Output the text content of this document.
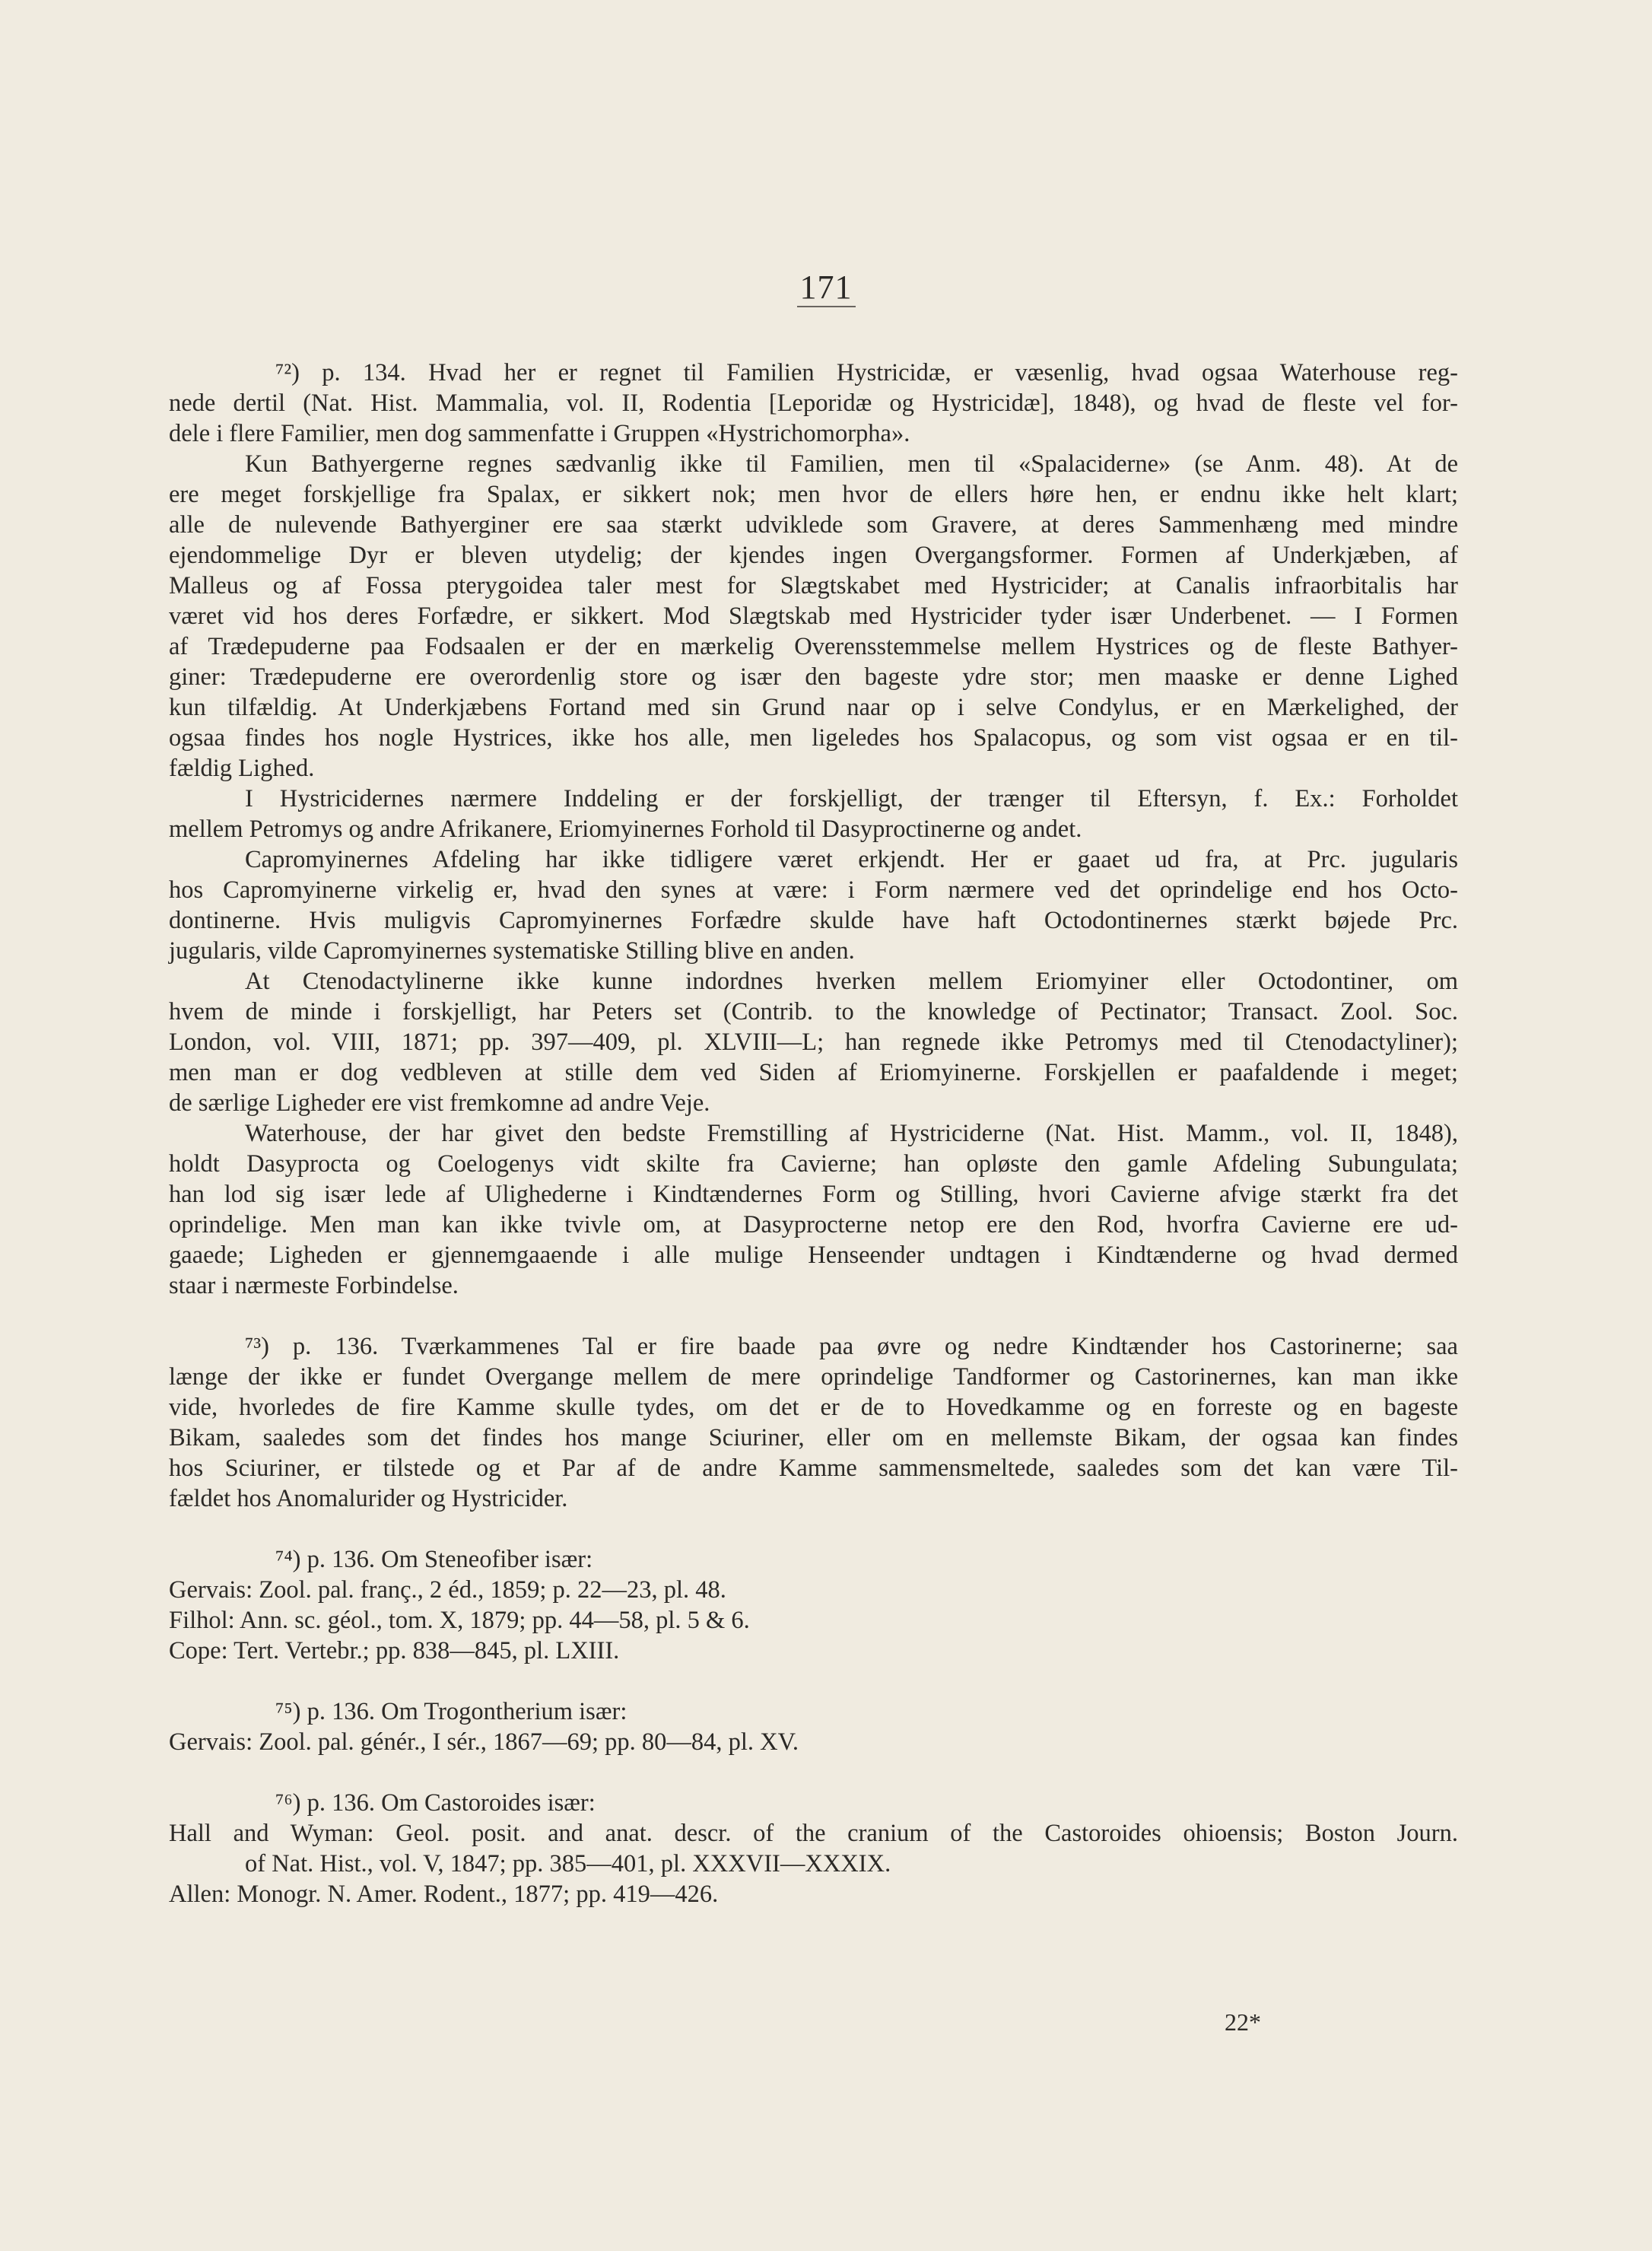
171
⁷²) p. 134. Hvad her er regnet til Familien Hystricidæ, er væsenlig, hvad ogsaa Waterhouse reg-
nede dertil (Nat. Hist. Mammalia, vol. II, Rodentia [Leporidæ og Hystricidæ], 1848), og hvad de fleste vel for-
dele i flere Familier, men dog sammenfatte i Gruppen «Hystrichomorpha».
Kun Bathyergerne regnes sædvanlig ikke til Familien, men til «Spalaciderne» (se Anm. 48). At de
ere meget forskjellige fra Spalax, er sikkert nok; men hvor de ellers høre hen, er endnu ikke helt klart;
alle de nulevende Bathyerginer ere saa stærkt udviklede som Gravere, at deres Sammenhæng med mindre
ejendommelige Dyr er bleven utydelig; der kjendes ingen Overgangsformer. Formen af Underkjæben, af
Malleus og af Fossa pterygoidea taler mest for Slægtskabet med Hystricider; at Canalis infraorbitalis har
været vid hos deres Forfædre, er sikkert. Mod Slægtskab med Hystricider tyder især Underbenet. — I Formen
af Trædepuderne paa Fodsaalen er der en mærkelig Overensstemmelse mellem Hystrices og de fleste Bathyer-
giner: Trædepuderne ere overordenlig store og især den bageste ydre stor; men maaske er denne Lighed
kun tilfældig. At Underkjæbens Fortand med sin Grund naar op i selve Condylus, er en Mærkelighed, der
ogsaa findes hos nogle Hystrices, ikke hos alle, men ligeledes hos Spalacopus, og som vist ogsaa er en til-
fældig Lighed.
I Hystricidernes nærmere Inddeling er der forskjelligt, der trænger til Eftersyn, f. Ex.: Forholdet
mellem Petromys og andre Afrikanere, Eriomyinernes Forhold til Dasyproctinerne og andet.
Capromyinernes Afdeling har ikke tidligere været erkjendt. Her er gaaet ud fra, at Prc. jugularis
hos Capromyinerne virkelig er, hvad den synes at være: i Form nærmere ved det oprindelige end hos Octo-
dontinerne. Hvis muligvis Capromyinernes Forfædre skulde have haft Octodontinernes stærkt bøjede Prc.
jugularis, vilde Capromyinernes systematiske Stilling blive en anden.
At Ctenodactylinerne ikke kunne indordnes hverken mellem Eriomyiner eller Octodontiner, om
hvem de minde i forskjelligt, har Peters set (Contrib. to the knowledge of Pectinator; Transact. Zool. Soc.
London, vol. VIII, 1871; pp. 397—409, pl. XLVIII—L; han regnede ikke Petromys med til Ctenodactyliner);
men man er dog vedbleven at stille dem ved Siden af Eriomyinerne. Forskjellen er paafaldende i meget;
de særlige Ligheder ere vist fremkomne ad andre Veje.
Waterhouse, der har givet den bedste Fremstilling af Hystriciderne (Nat. Hist. Mamm., vol. II, 1848),
holdt Dasyprocta og Coelogenys vidt skilte fra Cavierne; han opløste den gamle Afdeling Subungulata;
han lod sig især lede af Ulighederne i Kindtændernes Form og Stilling, hvori Cavierne afvige stærkt fra det
oprindelige. Men man kan ikke tvivle om, at Dasyprocterne netop ere den Rod, hvorfra Cavierne ere ud-
gaaede; Ligheden er gjennemgaaende i alle mulige Henseender undtagen i Kindtænderne og hvad dermed
staar i nærmeste Forbindelse.
⁷³) p. 136. Tværkammenes Tal er fire baade paa øvre og nedre Kindtænder hos Castorinerne; saa
længe der ikke er fundet Overgange mellem de mere oprindelige Tandformer og Castorinernes, kan man ikke
vide, hvorledes de fire Kamme skulle tydes, om det er de to Hovedkamme og en forreste og en bageste
Bikam, saaledes som det findes hos mange Sciuriner, eller om en mellemste Bikam, der ogsaa kan findes
hos Sciuriner, er tilstede og et Par af de andre Kamme sammensmeltede, saaledes som det kan være Til-
fældet hos Anomalurider og Hystricider.
⁷⁴) p. 136. Om Steneofiber især:
Gervais: Zool. pal. franç., 2 éd., 1859; p. 22—23, pl. 48.
Filhol: Ann. sc. géol., tom. X, 1879; pp. 44—58, pl. 5 & 6.
Cope: Tert. Vertebr.; pp. 838—845, pl. LXIII.
⁷⁵) p. 136. Om Trogontherium især:
Gervais: Zool. pal. génér., I sér., 1867—69; pp. 80—84, pl. XV.
⁷⁶) p. 136. Om Castoroides især:
Hall and Wyman: Geol. posit. and anat. descr. of the cranium of the Castoroides ohioensis; Boston Journ.
of Nat. Hist., vol. V, 1847; pp. 385—401, pl. XXXVII—XXXIX.
Allen: Monogr. N. Amer. Rodent., 1877; pp. 419—426.
22*
